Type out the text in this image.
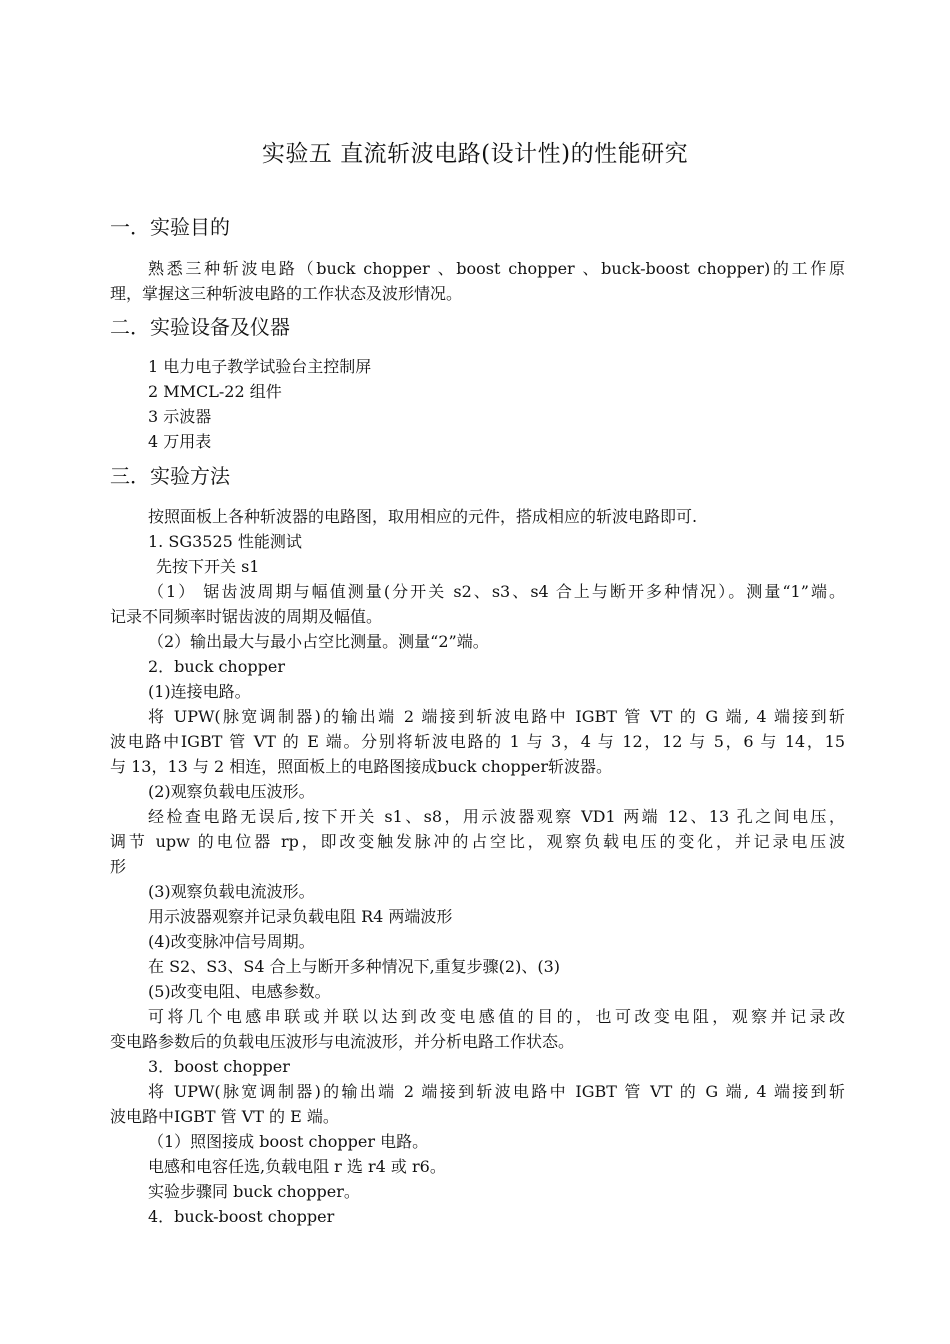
实验五 直流斩波电路(设计性)的性能研究
一．实验目的
熟悉三种斩波电路（buck chopper 、boost chopper 、buck-boost chopper)的工作原
理，掌握这三种斩波电路的工作状态及波形情况。
二．实验设备及仪器
1 电力电子教学试验台主控制屏
2 MMCL-22 组件
3 示波器
4 万用表
三．实验方法
按照面板上各种斩波器的电路图，取用相应的元件，搭成相应的斩波电路即可.
1. SG3525 性能测试
先按下开关 s1
（1） 锯齿波周期与幅值测量(分开关 s2、s3、s4 合上与断开多种情况）。测量“1”端。
记录不同频率时锯齿波的周期及幅值。
（2）输出最大与最小占空比测量。测量“2”端。
2．buck chopper
(1)连接电路。
将 UPW(脉宽调制器)的输出端 2 端接到斩波电路中 IGBT 管 VT 的 G 端, 4 端接到斩
波电路中IGBT 管 VT 的 E 端。分别将斩波电路的 1 与 3，4 与 12，12 与 5，6 与 14，15
与 13，13 与 2 相连，照面板上的电路图接成buck chopper斩波器。
(2)观察负载电压波形。
经检查电路无误后,按下开关 s1、s8，用示波器观察 VD1 两端 12、13 孔之间电压，
调节 upw 的电位器 rp，即改变触发脉冲的占空比，观察负载电压的变化，并记录电压波
形
(3)观察负载电流波形。
用示波器观察并记录负载电阻 R4 两端波形
(4)改变脉冲信号周期。
在 S2、S3、S4 合上与断开多种情况下,重复步骤(2)、(3)
(5)改变电阻、电感参数。
可将几个电感串联或并联以达到改变电感值的目的，也可改变电阻，观察并记录改
变电路参数后的负载电压波形与电流波形，并分析电路工作状态。
3．boost chopper
将 UPW(脉宽调制器)的输出端 2 端接到斩波电路中 IGBT 管 VT 的 G 端, 4 端接到斩
波电路中IGBT 管 VT 的 E 端。
（1）照图接成 boost chopper 电路。
电感和电容任选,负载电阻 r 选 r4 或 r6。
实验步骤同 buck chopper。
4．buck-boost chopper
